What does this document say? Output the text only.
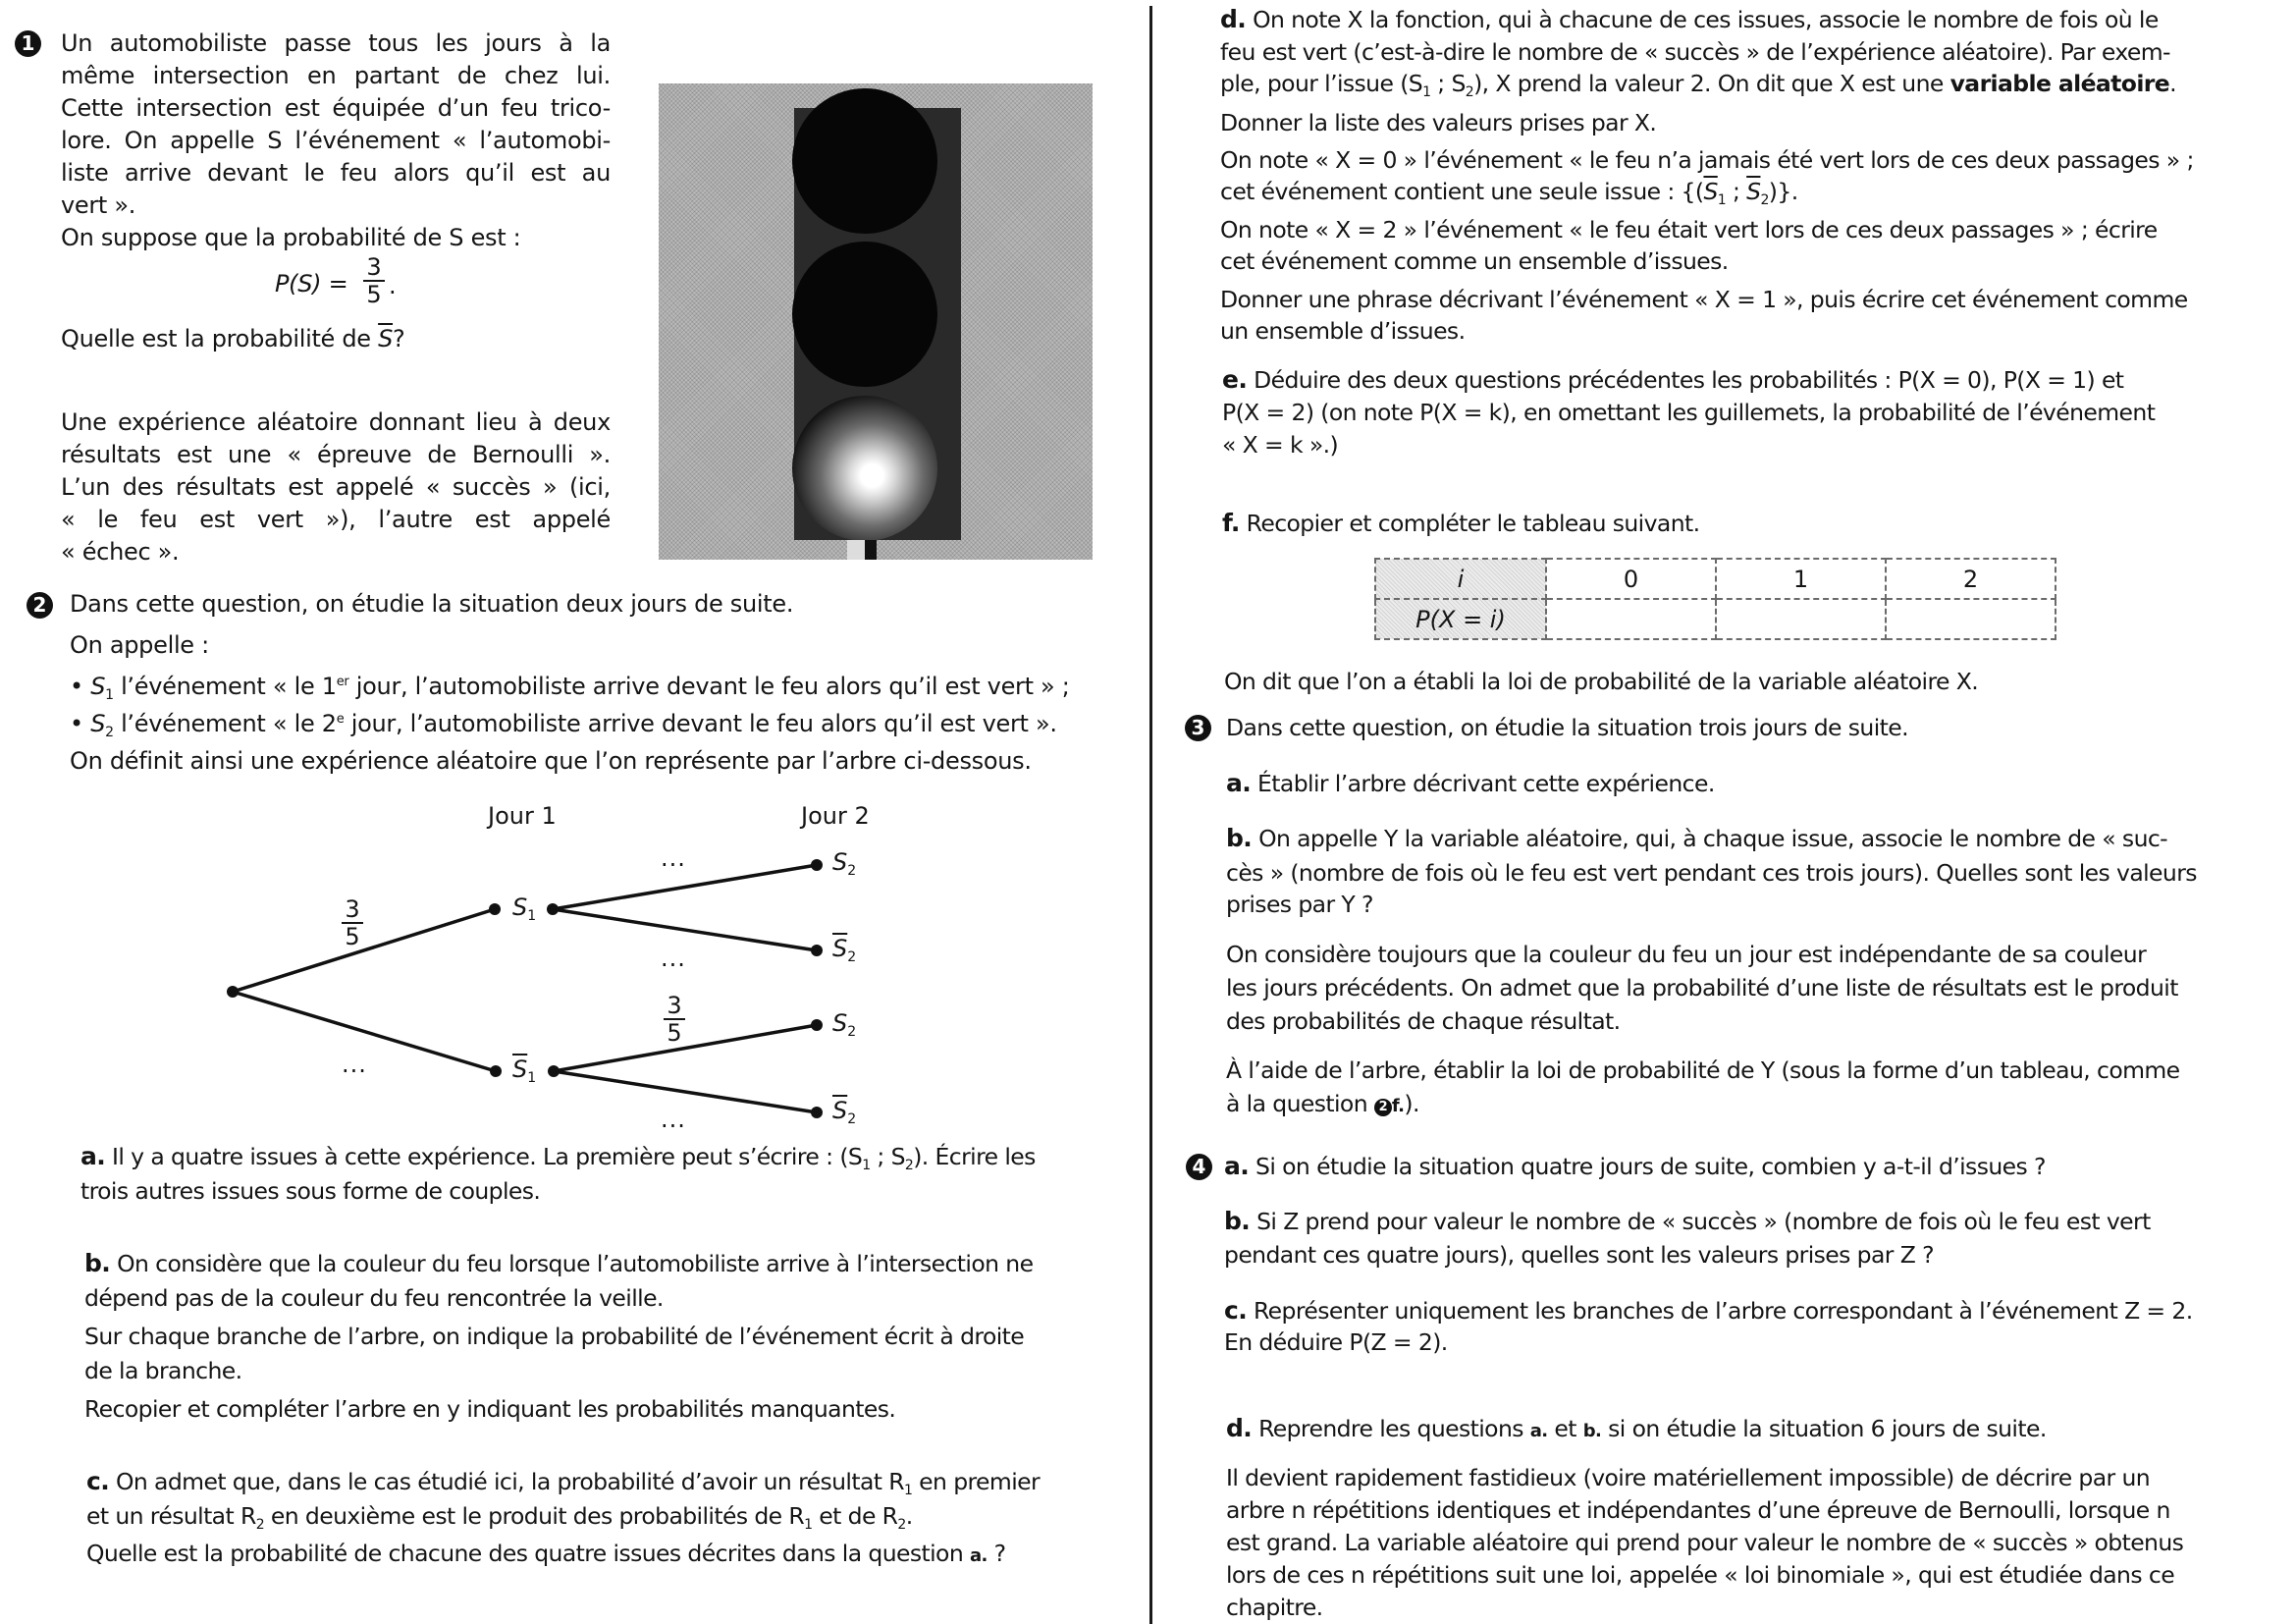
1 Un automobiliste passe tous les jours à la
même intersection en partant de chez lui.
Cette intersection est équipée d’un feu trico-
lore. On appelle S l’événement « l’automobi-
liste arrive devant le feu alors qu’il est au
vert ».
On suppose que la probabilité de S est :
$P(S) = \frac{3}{5}$ .
Quelle est la probabilité de $\overline{S}$?
Une expérience aléatoire donnant lieu à deux
résultats est une « épreuve de Bernoulli ».
L’un des résultats est appelé « succès » (ici,
« le feu est vert »), l’autre est appelé
« échec ».
2 Dans cette question, on étudie la situation deux jours de suite.
On appelle :
• $S_1$ l’événement « le 1er jour, l’automobiliste arrive devant le feu alors qu’il est vert » ;
• $S_2$ l’événement « le 2e jour, l’automobiliste arrive devant le feu alors qu’il est vert ».
On définit ainsi une expérience aléatoire que l’on représente par l’arbre ci-dessous.
Jour 1	Jour 2
$S_1$
$\overline{S}_1$
$S_2$
$\overline{S}_2$
$S_2$
$\overline{S}_2$
$\frac{3}{5}$
...
...
...
$\frac{3}{5}$
...
a. Il y a quatre issues à cette expérience. La première peut s’écrire : ($S_1$ ; $S_2$). Écrire les
trois autres issues sous forme de couples.
b. On considère que la couleur du feu lorsque l’automobiliste arrive à l’intersection ne
dépend pas de la couleur du feu rencontrée la veille.
Sur chaque branche de l’arbre, on indique la probabilité de l’événement écrit à droite
de la branche.
Recopier et compléter l’arbre en y indiquant les probabilités manquantes.
c. On admet que, dans le cas étudié ici, la probabilité d’avoir un résultat $R_1$ en premier
et un résultat $R_2$ en deuxième est le produit des probabilités de $R_1$ et de $R_2$.
Quelle est la probabilité de chacune des quatre issues décrites dans la question a. ?
d. On note X la fonction, qui à chacune de ces issues, associe le nombre de fois où le
feu est vert (c’est-à-dire le nombre de « succès » de l’expérience aléatoire). Par exem-
ple, pour l’issue ($S_1$ ; $S_2$), X prend la valeur 2. On dit que X est une variable aléatoire.
Donner la liste des valeurs prises par X.
On note « X = 0 » l’événement « le feu n’a jamais été vert lors de ces deux passages » ;
cet événement contient une seule issue : {($\overline{S}_1$ ; $\overline{S}_2$)}.
On note « X = 2 » l’événement « le feu était vert lors de ces deux passages » ; écrire
cet événement comme un ensemble d’issues.
Donner une phrase décrivant l’événement « X = 1 », puis écrire cet événement comme
un ensemble d’issues.
e. Déduire des deux questions précédentes les probabilités : P(X = 0), P(X = 1) et
P(X = 2) (on note P(X = k), en omettant les guillemets, la probabilité de l’événement
« X = k ».)
f. Recopier et compléter le tableau suivant.
i	0	1	2
P(X = i)			
On dit que l’on a établi la loi de probabilité de la variable aléatoire X.
3 Dans cette question, on étudie la situation trois jours de suite.
a. Établir l’arbre décrivant cette expérience.
b. On appelle Y la variable aléatoire, qui, à chaque issue, associe le nombre de « suc-
cès » (nombre de fois où le feu est vert pendant ces trois jours). Quelles sont les valeurs
prises par Y ?
On considère toujours que la couleur du feu un jour est indépendante de sa couleur
les jours précédents. On admet que la probabilité d’une liste de résultats est le produit
des probabilités de chaque résultat.
À l’aide de l’arbre, établir la loi de probabilité de Y (sous la forme d’un tableau, comme
à la question 2 f.).
4 a. Si on étudie la situation quatre jours de suite, combien y a-t-il d’issues ?
b. Si Z prend pour valeur le nombre de « succès » (nombre de fois où le feu est vert
pendant ces quatre jours), quelles sont les valeurs prises par Z ?
c. Représenter uniquement les branches de l’arbre correspondant à l’événement Z = 2.
En déduire P(Z = 2).
d. Reprendre les questions a. et b. si on étudie la situation 6 jours de suite.
Il devient rapidement fastidieux (voire matériellement impossible) de décrire par un
arbre n répétitions identiques et indépendantes d’une épreuve de Bernoulli, lorsque n
est grand. La variable aléatoire qui prend pour valeur le nombre de « succès » obtenus
lors de ces n répétitions suit une loi, appelée « loi binomiale », qui est étudiée dans ce
chapitre.
